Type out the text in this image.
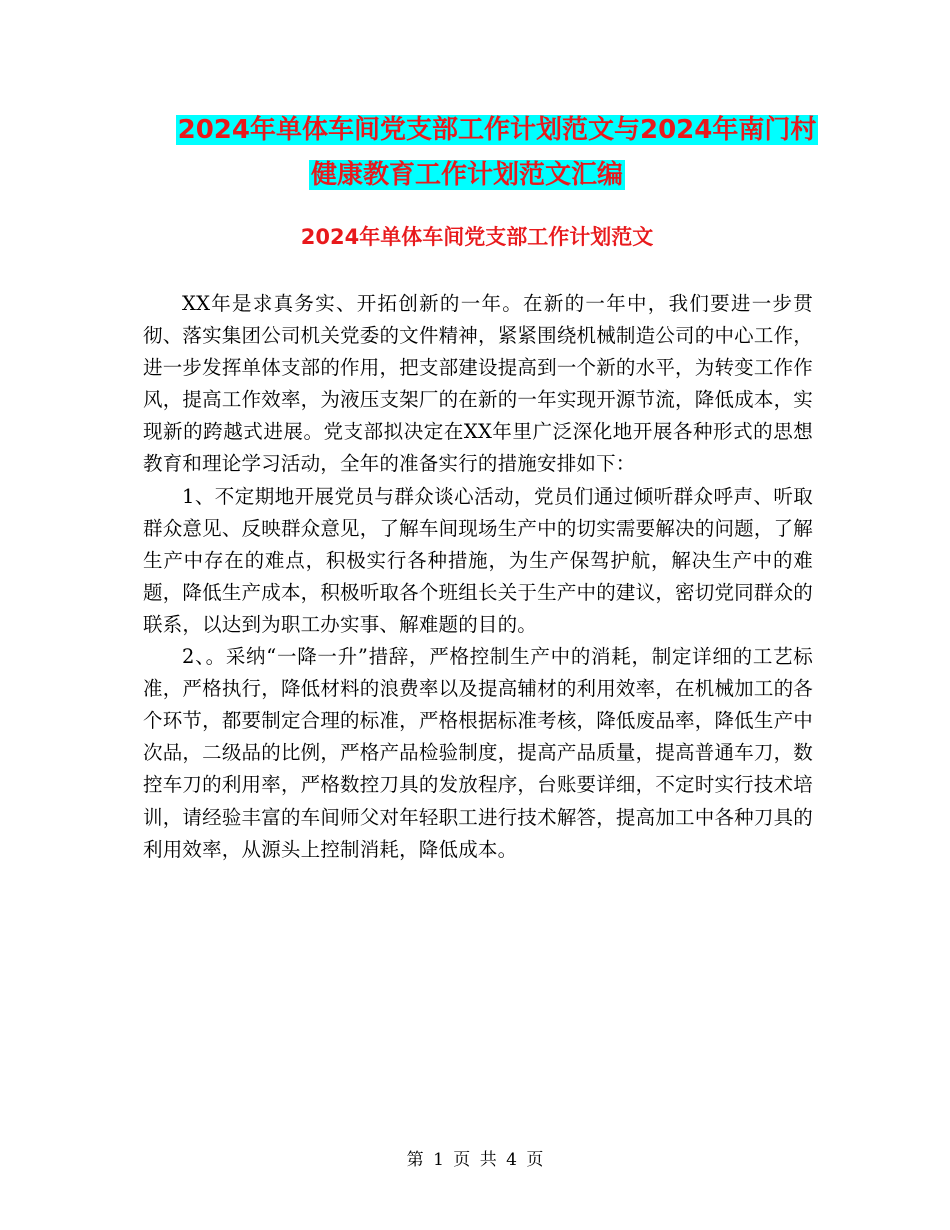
2024年单体车间党支部工作计划范文与2024年南门村
健康教育工作计划范文汇编
2024年单体车间党支部工作计划范文

XX年是求真务实、开拓创新的一年。在新的一年中，我们要进一步贯彻、落实集团公司机关党委的文件精神，紧紧围绕机械制造公司的中心工作，进一步发挥单体支部的作用，把支部建设提高到一个新的水平，为转变工作作风，提高工作效率，为液压支架厂的在新的一年实现开源节流，降低成本，实现新的跨越式进展。党支部拟决定在XX年里广泛深化地开展各种形式的思想教育和理论学习活动，全年的准备实行的措施安排如下：

1、不定期地开展党员与群众谈心活动，党员们通过倾听群众呼声、听取群众意见、反映群众意见，了解车间现场生产中的切实需要解决的问题，了解生产中存在的难点，积极实行各种措施，为生产保驾护航，解决生产中的难题，降低生产成本，积极听取各个班组长关于生产中的建议，密切党同群众的联系，以达到为职工办实事、解难题的目的。

2、。采纳“一降一升”措辞，严格控制生产中的消耗，制定详细的工艺标准，严格执行，降低材料的浪费率以及提高辅材的利用效率，在机械加工的各个环节，都要制定合理的标准，严格根据标准考核，降低废品率，降低生产中次品，二级品的比例，严格产品检验制度，提高产品质量，提高普通车刀，数控车刀的利用率，严格数控刀具的发放程序，台账要详细，不定时实行技术培训，请经验丰富的车间师父对年轻职工进行技术解答，提高加工中各种刀具的利用效率，从源头上控制消耗，降低成本。

第 1 页 共 4 页
